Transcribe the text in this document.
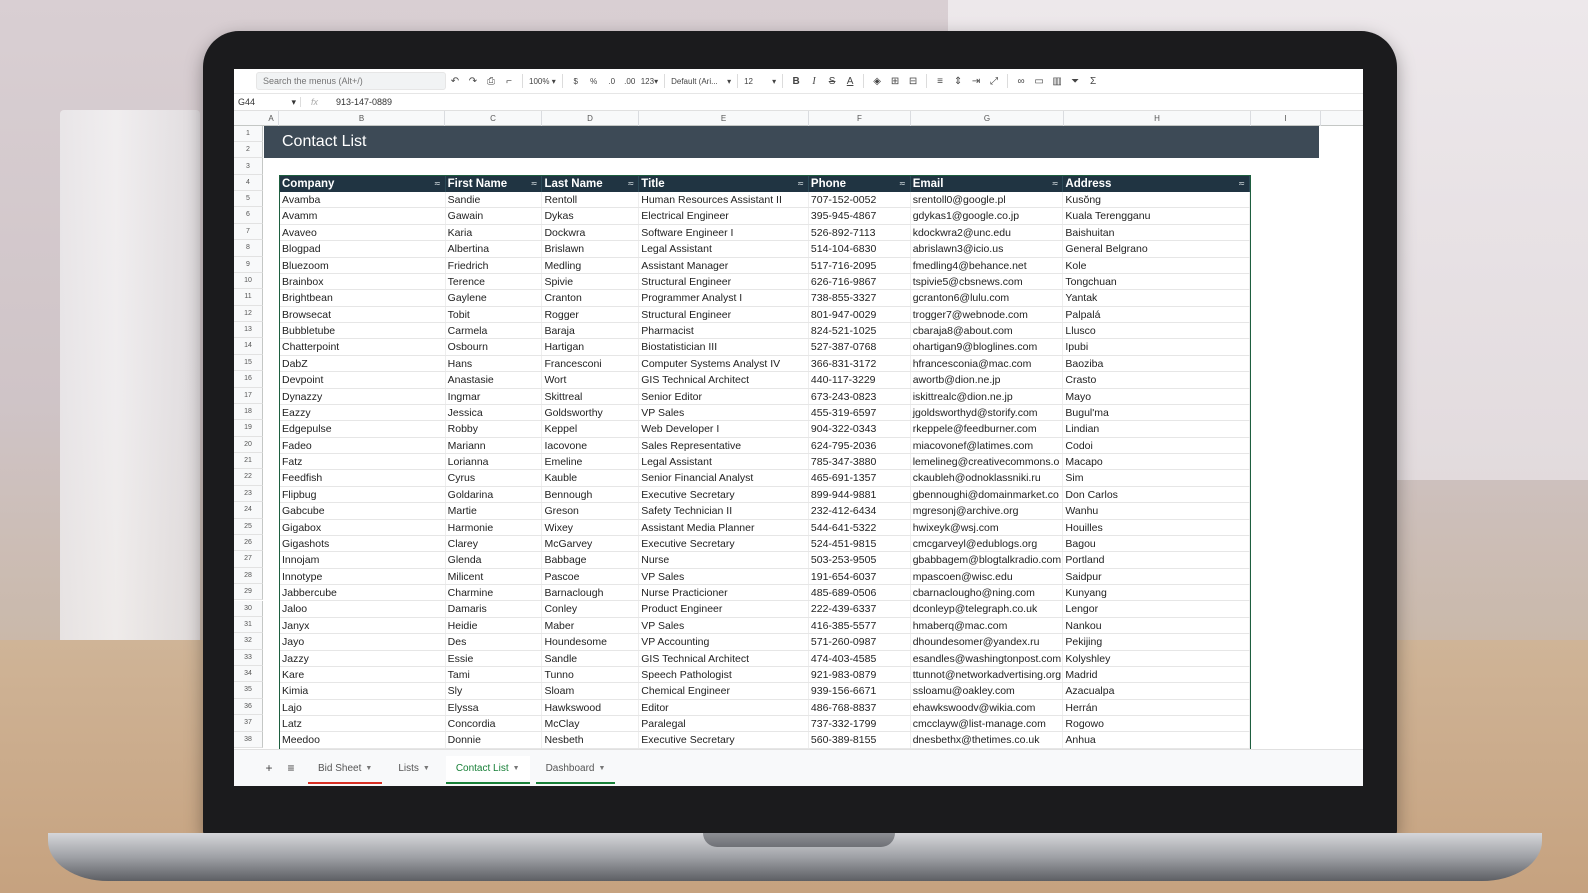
Search the menus (Alt+/)
↶ ↷ ⎙	⌐	100% ▾	$	%	.0	.00 123 ▾ Default (Ari... ▾ 12 ▾	B	I	S	A	◈ ⊞ ⊟	≡	⇕ ⇥ ⤢	∞ ▭ ▥ ⏷	Σ
G44	▾	fx	913-147-0889
A	B	C	D	E	F	G	H	I
1
2
3
4
5
6
7
8
9
10
11
12
13
14
15
16
17
18
19
20
21
22
23
24
25
26
27
28
29
30
31
32
33
34
35
36
37
38
Contact List
Company	≂ First Name	≂ Last Name	≂ Title	≂ Phone	≂ Email	≂ Address	≂
Avamba	Sandie	Rentoll	Human Resources Assistant II	707-152-0052	srentoll0@google.pl	Kusŏng
Avamm	Gawain	Dykas	Electrical Engineer	395-945-4867	gdykas1@google.co.jp	Kuala Terengganu
Avaveo	Karia	Dockwra	Software Engineer I	526-892-7113	kdockwra2@unc.edu	Baishuitan
Blogpad	Albertina	Brislawn	Legal Assistant	514-104-6830	abrislawn3@icio.us	General Belgrano
Bluezoom	Friedrich	Medling	Assistant Manager	517-716-2095	fmedling4@behance.net	Kole
Brainbox	Terence	Spivie	Structural Engineer	626-716-9867	tspivie5@cbsnews.com	Tongchuan
Brightbean	Gaylene	Cranton	Programmer Analyst I	738-855-3327	gcranton6@lulu.com	Yantak
Browsecat	Tobit	Rogger	Structural Engineer	801-947-0029	trogger7@webnode.com	Palpalá
Bubbletube	Carmela	Baraja	Pharmacist	824-521-1025	cbaraja8@about.com	Llusco
Chatterpoint	Osbourn	Hartigan	Biostatistician III	527-387-0768	ohartigan9@bloglines.com	Ipubi
DabZ	Hans	Francesconi	Computer Systems Analyst IV	366-831-3172	hfrancesconia@mac.com	Baoziba
Devpoint	Anastasie	Wort	GIS Technical Architect	440-117-3229	awortb@dion.ne.jp	Crasto
Dynazzy	Ingmar	Skittreal	Senior Editor	673-243-0823	iskittrealc@dion.ne.jp	Mayo
Eazzy	Jessica	Goldsworthy	VP Sales	455-319-6597	jgoldsworthyd@storify.com	Bugul'ma
Edgepulse	Robby	Keppel	Web Developer I	904-322-0343	rkeppele@feedburner.com	Lindian
Fadeo	Mariann	Iacovone	Sales Representative	624-795-2036	miacovonef@latimes.com	Codoi
Fatz	Lorianna	Emeline	Legal Assistant	785-347-3880	lemelineg@creativecommons.o Macapo
Feedfish	Cyrus	Kauble	Senior Financial Analyst	465-691-1357	ckaubleh@odnoklassniki.ru	Sim
Flipbug	Goldarina	Bennough	Executive Secretary	899-944-9881	gbennoughi@domainmarket.co Don Carlos
Gabcube	Martie	Greson	Safety Technician II	232-412-6434	mgresonj@archive.org	Wanhu
Gigabox	Harmonie	Wixey	Assistant Media Planner	544-641-5322	hwixeyk@wsj.com	Houilles
Gigashots	Clarey	McGarvey	Executive Secretary	524-451-9815	cmcgarveyl@edublogs.org	Bagou
Innojam	Glenda	Babbage	Nurse	503-253-9505	gbabbagem@blogtalkradio.com Portland
Innotype	Milicent	Pascoe	VP Sales	191-654-6037	mpascoen@wisc.edu	Saidpur
Jabbercube	Charmine	Barnaclough	Nurse Practicioner	485-689-0506	cbarnaclougho@ning.com	Kunyang
Jaloo	Damaris	Conley	Product Engineer	222-439-6337	dconleyp@telegraph.co.uk	Lengor
Janyx	Heidie	Maber	VP Sales	416-385-5577	hmaberq@mac.com	Nankou
Jayo	Des	Houndesome	VP Accounting	571-260-0987	dhoundesomer@yandex.ru	Pekijing
Jazzy	Essie	Sandle	GIS Technical Architect	474-403-4585	esandles@washingtonpost.com Kolyshley
Kare	Tami	Tunno	Speech Pathologist	921-983-0879	ttunnot@networkadvertising.org Madrid
Kimia	Sly	Sloam	Chemical Engineer	939-156-6671	ssloamu@oakley.com	Azacualpa
Lajo	Elyssa	Hawkswood	Editor	486-768-8837	ehawkswoodv@wikia.com	Herrán
Latz	Concordia	McClay	Paralegal	737-332-1799	cmcclayw@list-manage.com	Rogowo
Meedoo	Donnie	Nesbeth	Executive Secretary	560-389-8155	dnesbethx@thetimes.co.uk	Anhua
+	≡	Bid Sheet ▼	Lists ▼	Contact List ▼	Dashboard ▼
